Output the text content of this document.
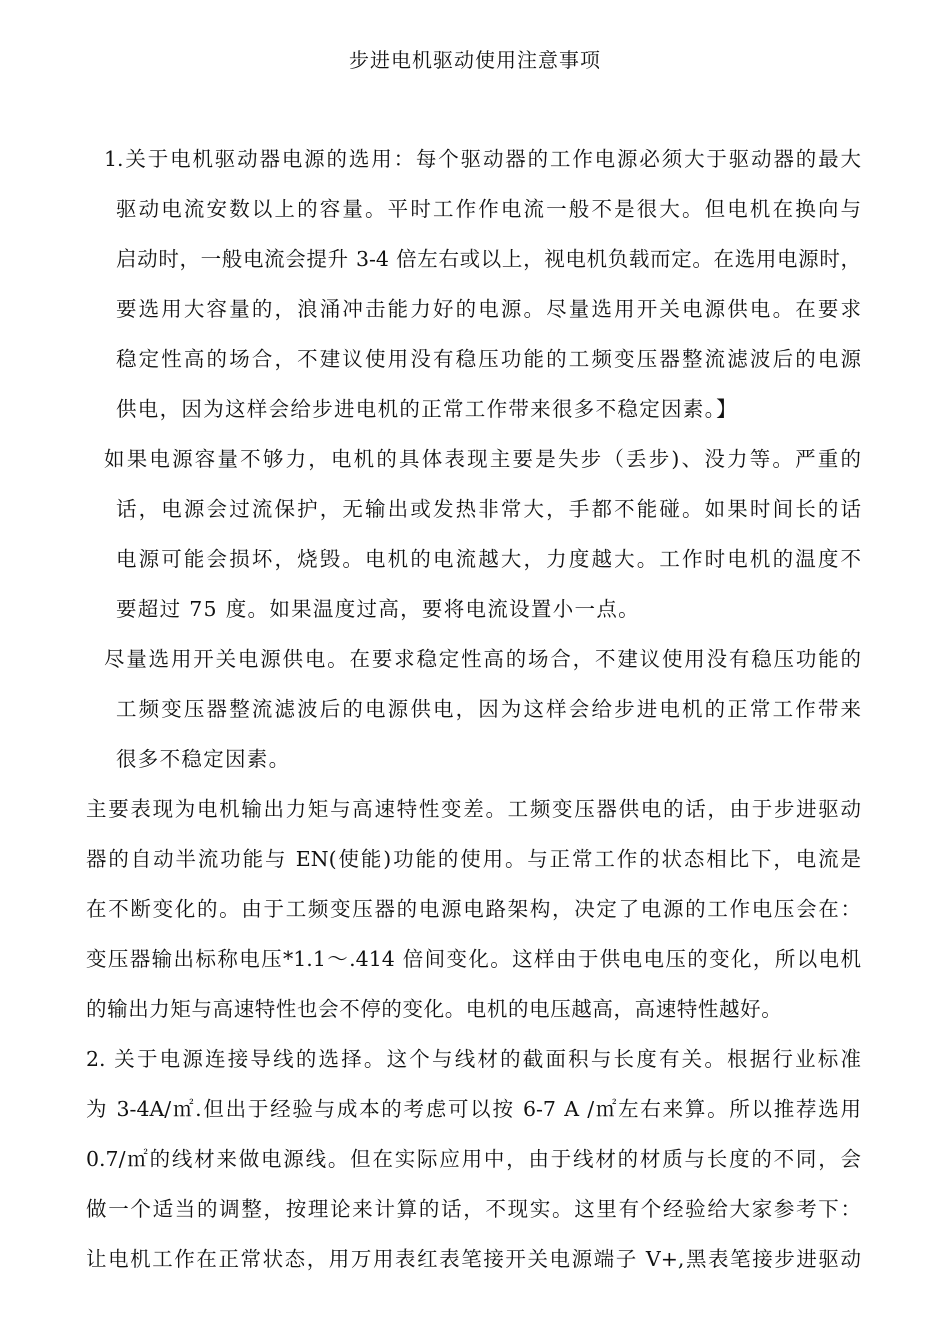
步进电机驱动使用注意事项
1.关于电机驱动器电源的选用：每个驱动器的工作电源必须大于驱动器的最大
驱动电流安数以上的容量。平时工作作电流一般不是很大。但电机在换向与
启动时，一般电流会提升 3-4 倍左右或以上，视电机负载而定。在选用电源时，
要选用大容量的，浪涌冲击能力好的电源。尽量选用开关电源供电。在要求
稳定性高的场合，不建议使用没有稳压功能的工频变压器整流滤波后的电源
供电，因为这样会给步进电机的正常工作带来很多不稳定因素。】
如果电源容量不够力，电机的具体表现主要是失步（丢步)、没力等。严重的
话，电源会过流保护，无输出或发热非常大，手都不能碰。如果时间长的话
电源可能会损坏，烧毁。电机的电流越大，力度越大。工作时电机的温度不
要超过 75 度。如果温度过高，要将电流设置小一点。
尽量选用开关电源供电。在要求稳定性高的场合，不建议使用没有稳压功能的
工频变压器整流滤波后的电源供电，因为这样会给步进电机的正常工作带来
很多不稳定因素。
主要表现为电机输出力矩与高速特性变差。工频变压器供电的话，由于步进驱动
器的自动半流功能与 EN(使能)功能的使用。与正常工作的状态相比下，电流是
在不断变化的。由于工频变压器的电源电路架构，决定了电源的工作电压会在：
变压器输出标称电压*1.1～.414 倍间变化。这样由于供电电压的变化，所以电机
的输出力矩与高速特性也会不停的变化。电机的电压越高，高速特性越好。
2. 关于电源连接导线的选择。这个与线材的截面积与长度有关。根据行业标准
为 3-4A/㎡.但出于经验与成本的考虑可以按 6-7 A /㎡左右来算。所以推荐选用
0.7/㎡的线材来做电源线。但在实际应用中，由于线材的材质与长度的不同，会
做一个适当的调整，按理论来计算的话，不现实。这里有个经验给大家参考下：
让电机工作在正常状态，用万用表红表笔接开关电源端子 V+,黑表笔接步进驱动
